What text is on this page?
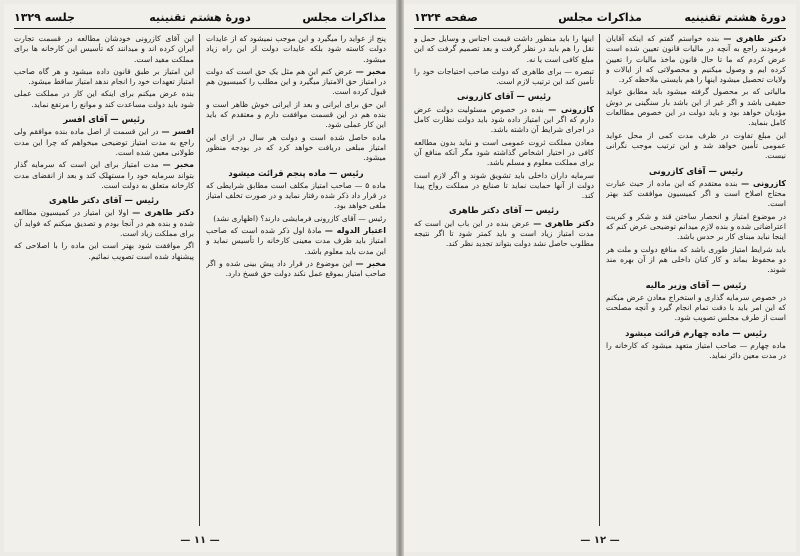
مذاکرات مجلس
دورهٔ هشتم تقنینیه
جلسه ۱۳۲۹

پنج از عواید را میگیرد و این موجب نمیشود که از عایدات دولت کاسته شود بلکه عایدات دولت از این راه زیاد میشود.

مخبر — عرض کنم این هم مثل یک حق است که دولت در امتیاز حق الامتیاز میگیرد و این مطلب را کمیسیون هم قبول کرده است.

این حق برای ایرانی و بعد از ایرانی خوش ظاهر است و بنده هم در این قسمت موافقت دارم و معتقدم که باید این کار عملی شود.

ماده حاصل شده است و دولت هر سال در ازای این امتیاز مبلغی دریافت خواهد کرد که در بودجه منظور میشود.

رئیس — ماده پنجم قرائت میشود

ماده ۵ — صاحب امتیاز مکلف است مطابق شرایطی که در قرار داد ذکر شده رفتار نماید و در صورت تخلف امتیاز ملغی خواهد بود.

رئیس — آقای کازرونی فرمایشی دارند؟ (اظهاری نشد)

اعتبار الدوله — مادهٔ اول ذکر شده است که صاحب امتیاز باید ظرف مدت معینی کارخانه را تأسیس نماید و این مدت باید معلوم باشد.

مخبر — این موضوع در قرار داد پیش بینی شده و اگر صاحب امتیاز بموقع عمل نکند دولت حق فسخ دارد.

این آقای کازرونی خودشان مطالعه در قسمت تجارت ایران کرده اند و میدانند که تأسیس این کارخانه ها برای مملکت مفید است.

این امتیاز بر طبق قانون داده میشود و هر گاه صاحب امتیاز تعهدات خود را انجام ندهد امتیاز ساقط میشود.

بنده عرض میکنم برای اینکه این کار در مملکت عملی شود باید دولت مساعدت کند و موانع را مرتفع نماید.

رئیس — آقای افسر

افسر — در این قسمت از اصل ماده بنده موافقم ولی راجع به مدت امتیاز توضیحی میخواهم که چرا این مدت طولانی معین شده است.

مخبر — مدت امتیاز برای این است که سرمایه گذار بتواند سرمایه خود را مستهلک کند و بعد از انقضای مدت کارخانه متعلق به دولت است.

رئیس — آقای دکتر طاهری

دکتر طاهری — اولا این امتیاز در کمیسیون مطالعه شده و بنده هم در آنجا بودم و تصدیق میکنم که فواید آن برای مملکت زیاد است.

اگر موافقت شود بهتر است این ماده را با اصلاحی که پیشنهاد شده است تصویب نمائیم.

— ۱۱ —
دورهٔ هشتم تقنینیه
مذاکرات مجلس
صفحه ۱۳۲۴

دکتر طاهری — بنده خواستم گفتم که اینکه آقایان فرمودند راجع به آنچه در مالیات قانون تعیین شده است عرض کردم که ما تا حال قانون ماخذ مالیات را تعیین کرده ایم و وصول میکنیم و محصولاتی که از ایالات و ولایات تحصیل میشود اینها را هم بایستی ملاحظه کرد.

مالیاتی که بر محصول گرفته میشود باید مطابق عواید حقیقی باشد و اگر غیر از این باشد بار سنگینی بر دوش مؤدیان خواهد بود و باید دولت در این خصوص مطالعات کامل بنماید.

این مبلغ تفاوت در ظرف مدت کمی از محل عواید عمومی تأمین خواهد شد و این ترتیب موجب نگرانی نیست.

رئیس — آقای کازرونی

کازرونی — بنده معتقدم که این ماده از حیث عبارت محتاج اصلاح است و اگر کمیسیون موافقت کند بهتر است.

در موضوع امتیاز و انحصار ساختن قند و شکر و کبریت اعتراضاتی شده و بنده لازم میدانم توضیحی عرض کنم که اینجا نباید مبنای کار بر حدس باشد.

باید شرایط امتیاز طوری باشد که منافع دولت و ملت هر دو محفوظ بماند و کار کنان داخلی هم از آن بهره مند شوند.

رئیس — آقای وزیر مالیه

در خصوص سرمایه گذاری و استخراج معادن عرض میکنم که این امر باید با دقت تمام انجام گیرد و آنچه مصلحت است از طرف مجلس تصویب شود.

رئیس — ماده چهارم قرائت میشود

ماده چهارم — صاحب امتیاز متعهد میشود که کارخانه را در مدت معین دائر نماید.

اینها را باید منظور داشت قیمت اجناس و وسایل حمل و نقل را هم باید در نظر گرفت و بعد تصمیم گرفت که این مبلغ کافی است یا نه.

تبصره — برای طاهری که دولت صاحب احتیاجات خود را تأمین کند این ترتیب لازم است.

رئیس — آقای کازرونی

کازرونی — بنده در خصوص مسئولیت دولت عرض دارم که اگر این امتیاز داده شود باید دولت نظارت کامل در اجرای شرایط آن داشته باشد.

معادن مملکت ثروت عمومی است و نباید بدون مطالعه کافی در اختیار اشخاص گذاشته شود مگر آنکه منافع آن برای مملکت معلوم و مسلم باشد.

سرمایه داران داخلی باید تشویق شوند و اگر لازم است دولت از آنها حمایت نماید تا صنایع در مملکت رواج پیدا کند.

رئیس — آقای دکتر طاهری

دکتر طاهری — عرض بنده در این باب این است که مدت امتیاز زیاد است و باید کمتر شود تا اگر نتیجه مطلوب حاصل نشد دولت بتواند تجدید نظر کند.

— ۱۲ —
